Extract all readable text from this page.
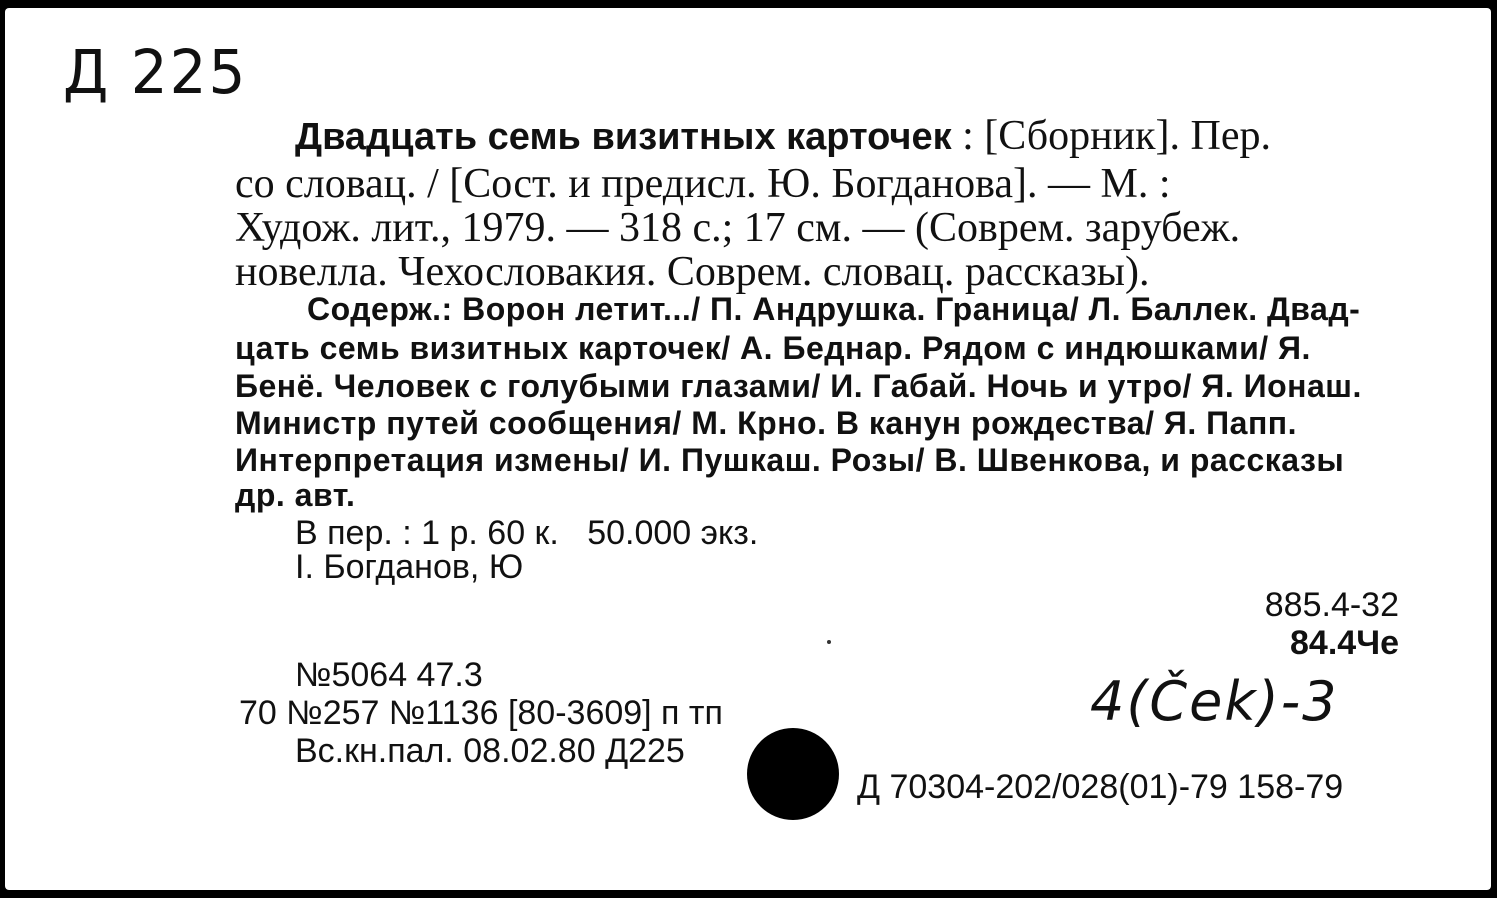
Д 225
Двадцать семь визитных карточек : [Сборник]. Пер.
со словац. / [Сост. и предисл. Ю. Богданова]. — М. :
Худож. лит., 1979. — 318 с.; 17 см. — (Соврем. зарубеж.
новелла. Чехословакия. Соврем. словац. рассказы).
Содерж.: Ворон летит.../ П. Андрушка. Граница/ Л. Баллек. Двад-
цать семь визитных карточек/ А. Беднар. Рядом с индюшками/ Я.
Бенё. Человек с голубыми глазами/ И. Габай. Ночь и утро/ Я. Ионаш.
Министр путей сообщения/ М. Крно. В канун рождества/ Я. Папп.
Интерпретация измены/ И. Пушкаш. Розы/ В. Швенкова, и рассказы
др. авт.
В пер. : 1 р. 60 к.   50.000 экз.
I. Богданов, Ю
885.4-32
84.4Че
№5064 47.3
70 №257 №1136 [80-3609] п тп
Вс.кн.пал. 08.02.80 Д225
4(Ček)-3
Д 70304-202/028(01)-79 158-79
